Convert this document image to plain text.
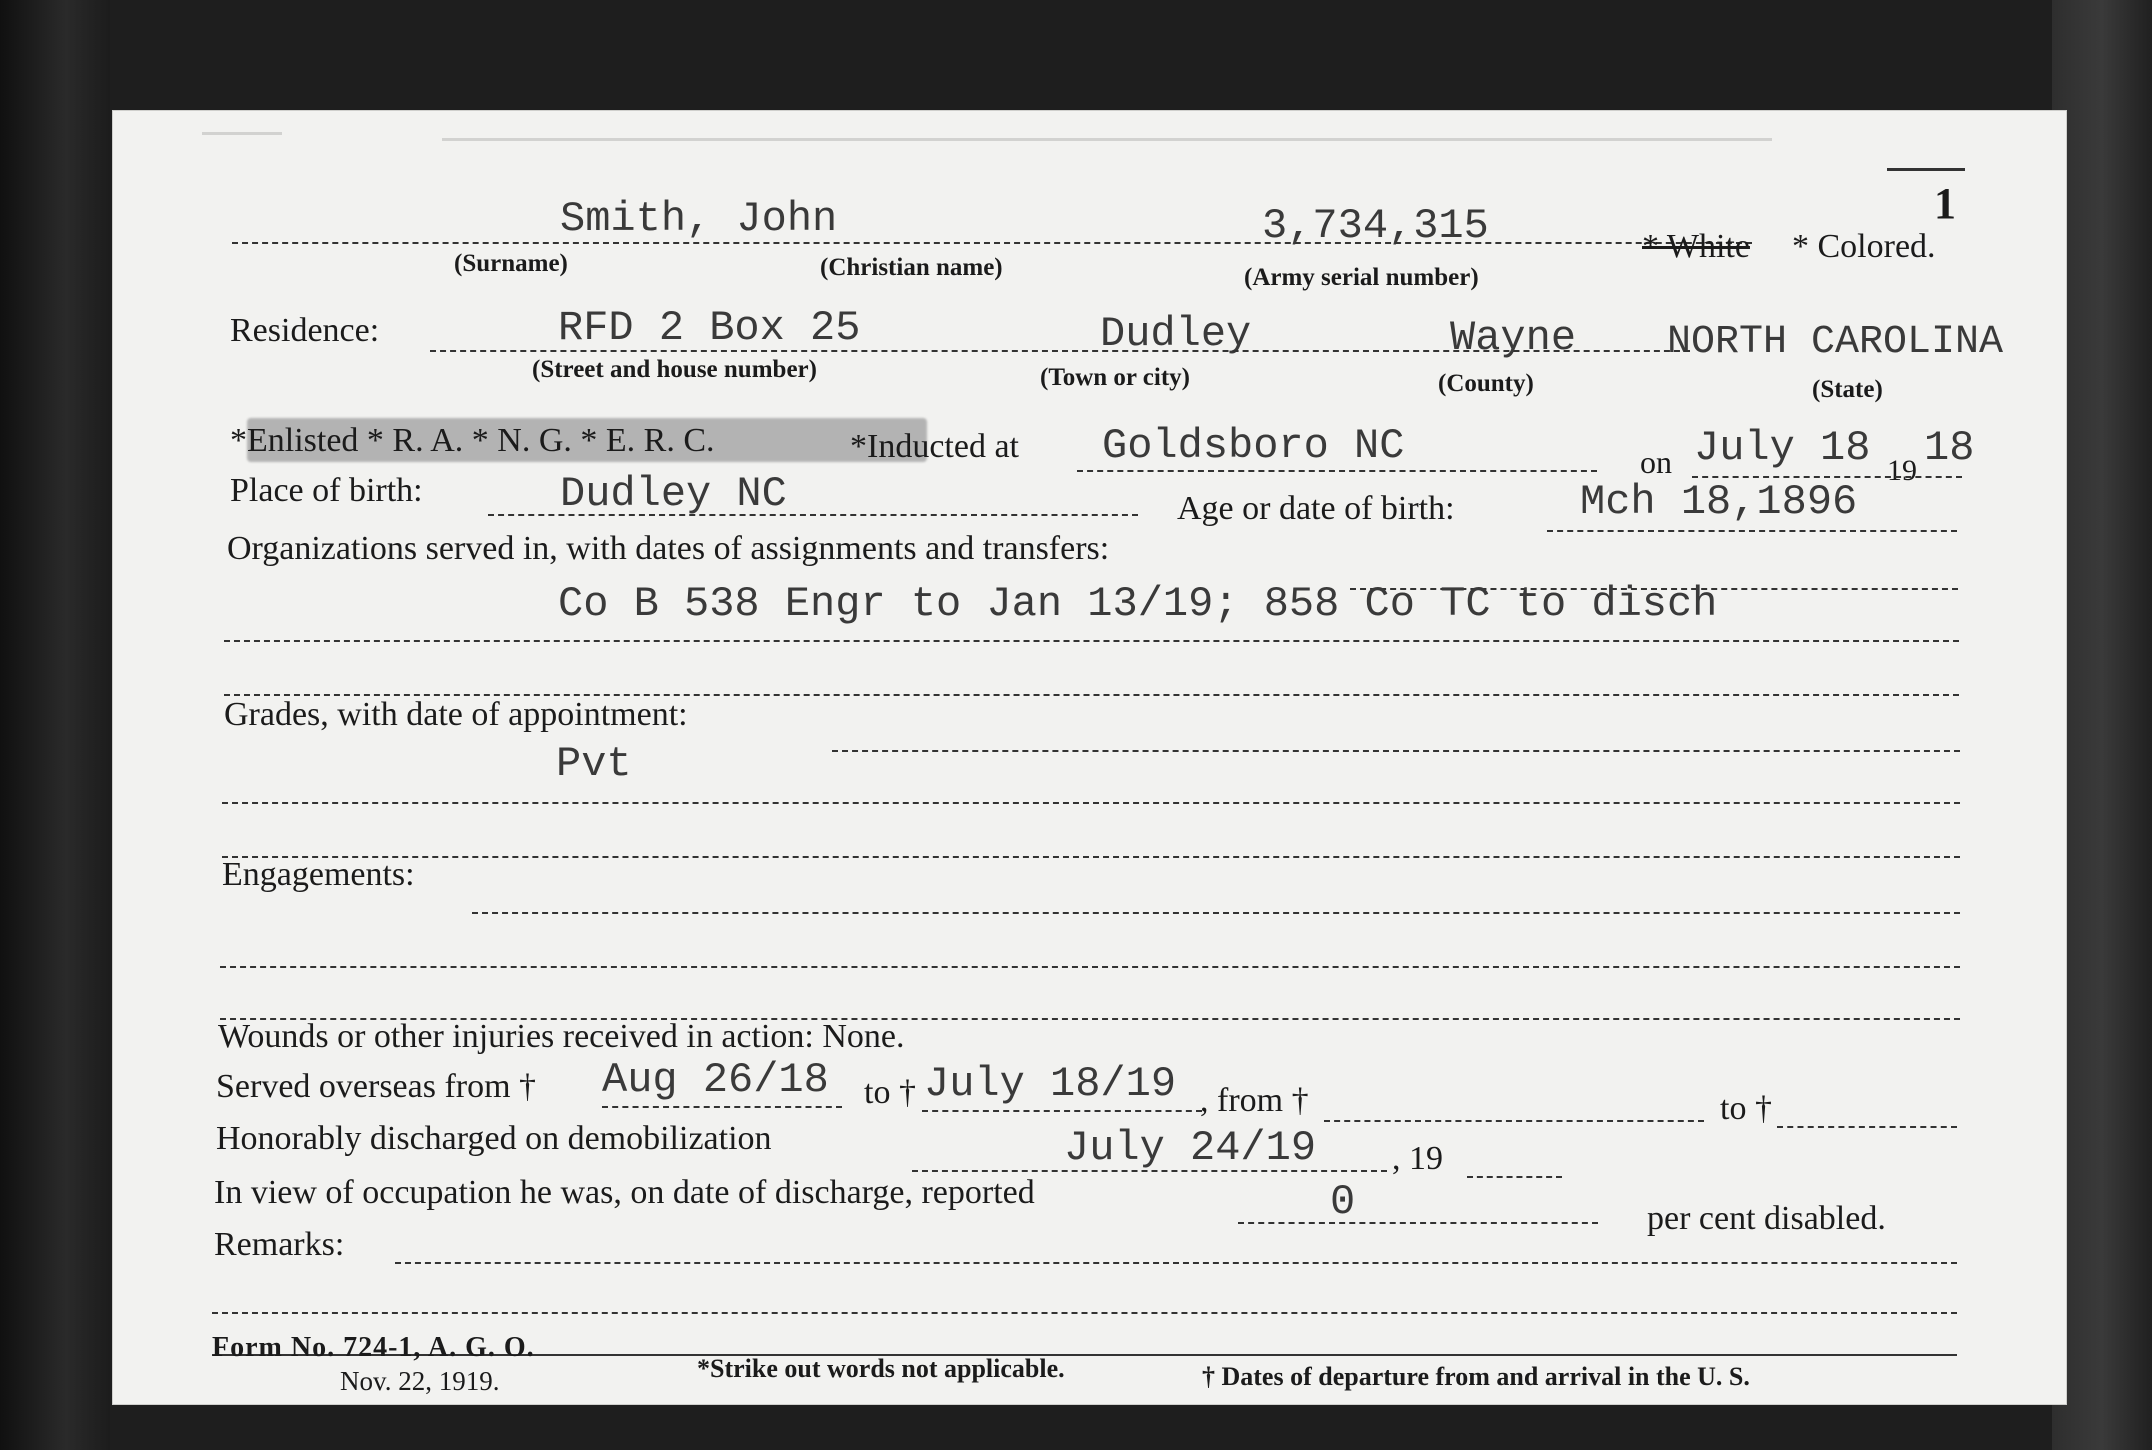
1
Smith, John	3,734,315	* White * Colored.
(Surname)	(Christian name)	(Army serial number)
Residence:	RFD 2 Box 25	Dudley	Wayne NORTH CAROLINA
(Street and house number)	(Town or city)	(County)	(State)
*Enlisted * R. A. * N. G. * E. R. C.	*Inducted at Goldsboro NC	on July 18 19 18
Place of birth:	Dudley NC	Age or date of birth:	Mch 18,1896
Organizations served in, with dates of assignments and transfers:
Co B 538 Engr to Jan 13/19; 858 Co TC to disch
Grades, with date of appointment:
Pvt
Engagements:
Wounds or other injuries received in action: None.
Served overseas from † Aug 26/18 to † July 18/19 , from †	to †
Honorably discharged on demobilization	July 24/19 , 19
In view of occupation he was, on date of discharge, reported	0	per cent disabled.
Remarks:
Form No. 724-1, A. G. O.
Nov. 22, 1919.	*Strike out words not applicable.	† Dates of departure from and arrival in the U. S.
